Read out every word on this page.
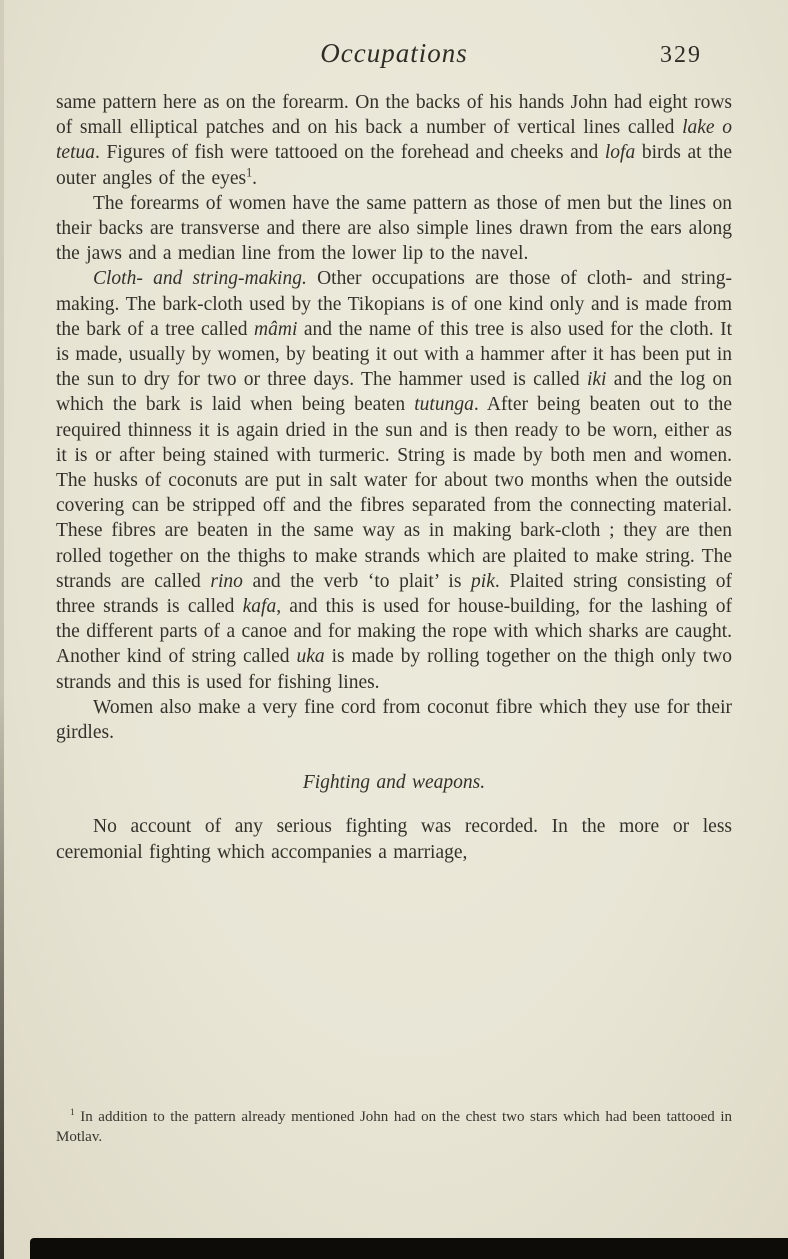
Occupations	329

same pattern here as on the forearm. On the backs of his hands John had eight rows of small elliptical patches and on his back a number of vertical lines called lake o tetua. Figures of fish were tattooed on the forehead and cheeks and lofa birds at the outer angles of the eyes$^1$.

The forearms of women have the same pattern as those of men but the lines on their backs are transverse and there are also simple lines drawn from the ears along the jaws and a median line from the lower lip to the navel.

Cloth- and string-making. Other occupations are those of cloth- and string-making. The bark-cloth used by the Tikopians is of one kind only and is made from the bark of a tree called mâmi and the name of this tree is also used for the cloth. It is made, usually by women, by beating it out with a hammer after it has been put in the sun to dry for two or three days. The hammer used is called iki and the log on which the bark is laid when being beaten tutunga. After being beaten out to the required thinness it is again dried in the sun and is then ready to be worn, either as it is or after being stained with turmeric. String is made by both men and women. The husks of coconuts are put in salt water for about two months when the outside covering can be stripped off and the fibres separated from the connecting material. These fibres are beaten in the same way as in making bark-cloth ; they are then rolled together on the thighs to make strands which are plaited to make string. The strands are called rino and the verb ‘to plait’ is pik. Plaited string consisting of three strands is called kafa, and this is used for house-building, for the lashing of the different parts of a canoe and for making the rope with which sharks are caught. Another kind of string called uka is made by rolling together on the thigh only two strands and this is used for fishing lines.

Women also make a very fine cord from coconut fibre which they use for their girdles.

Fighting and weapons.

No account of any serious fighting was recorded. In the more or less ceremonial fighting which accompanies a marriage,

$^1$ In addition to the pattern already mentioned John had on the chest two stars which had been tattooed in Motlav.
